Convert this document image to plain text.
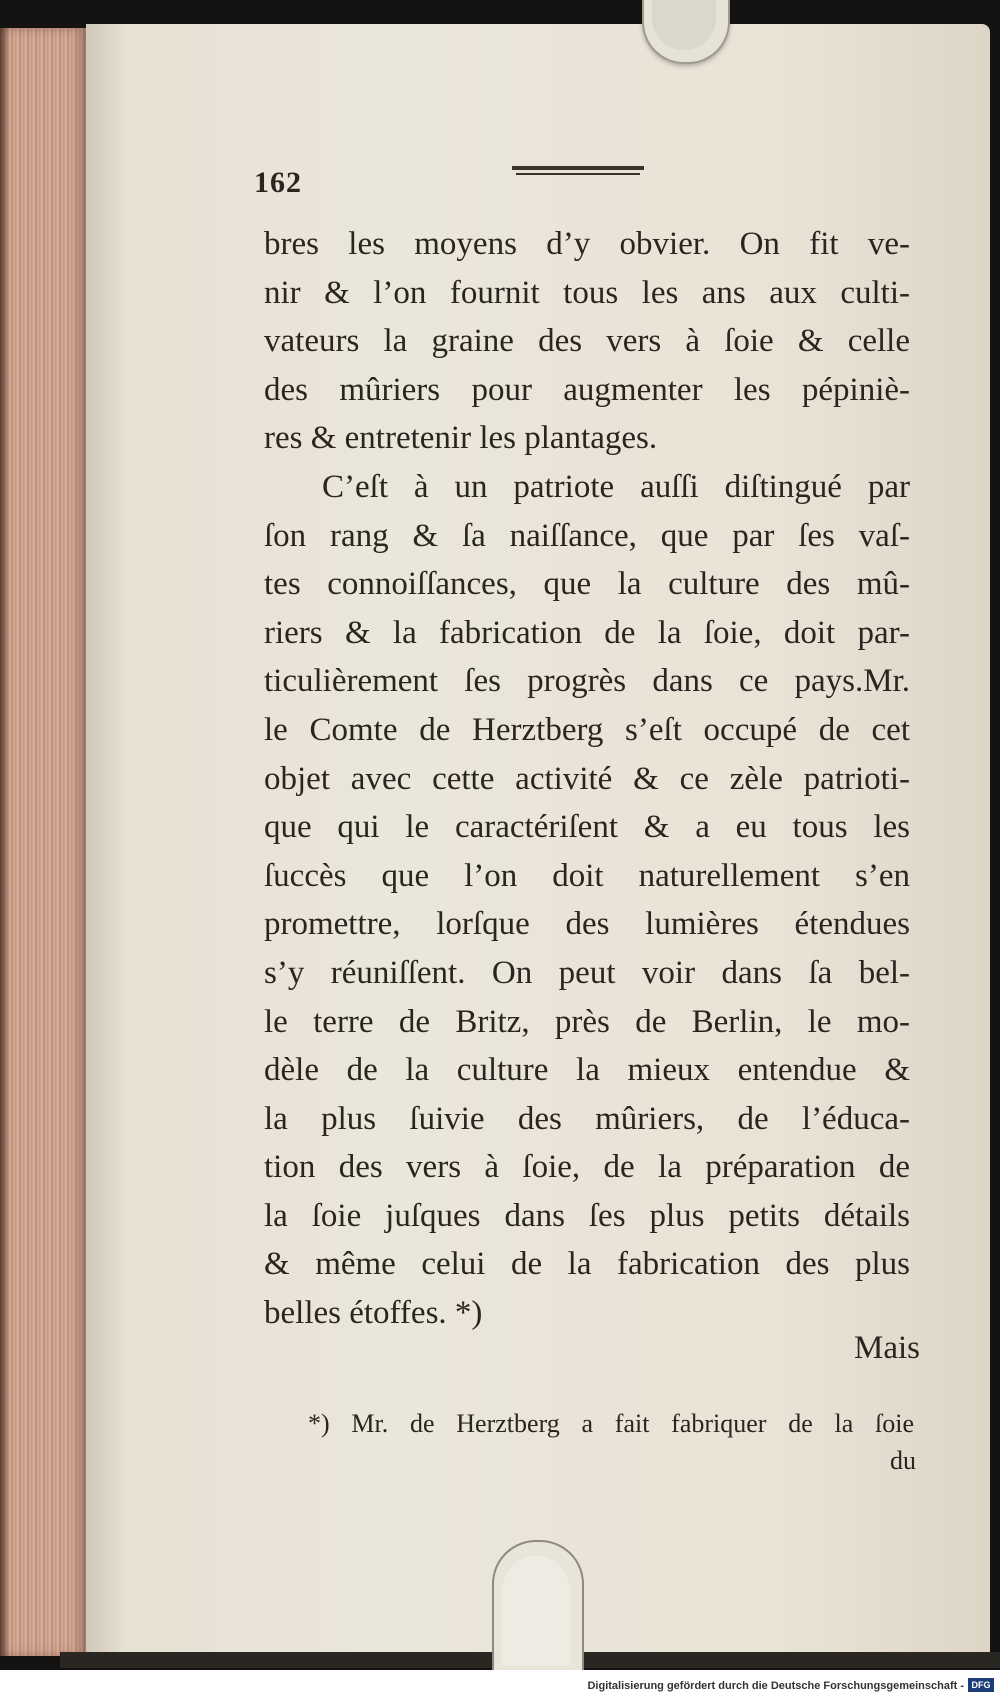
162
bres les moyens d’y obvier. On fit ve-
nir & l’on fournit tous les ans aux culti-
vateurs la graine des vers à ſoie & celle
des mûriers pour augmenter les pépiniè-
res & entretenir les plantages.
C’eſt à un patriote auſſi diſtingué par
ſon rang & ſa naiſſance, que par ſes vaſ-
tes connoiſſances, que la culture des mû-
riers & la fabrication de la ſoie, doit par-
ticulièrement ſes progrès dans ce pays.Mr.
le Comte de Herztberg s’eſt occupé de cet
objet avec cette activité & ce zèle patrioti-
que qui le caractériſent & a eu tous les
ſuccès que l’on doit naturellement s’en
promettre, lorſque des lumières étendues
s’y réuniſſent. On peut voir dans ſa bel-
le terre de Britz, près de Berlin, le mo-
dèle de la culture la mieux entendue &
la plus ſuivie des mûriers, de l’éduca-
tion des vers à ſoie, de la préparation de
la ſoie juſques dans ſes plus petits détails
& même celui de la fabrication des plus
belles étoffes. *)
Mais
*) Mr. de Herztberg a fait fabriquer de la ſoie
du
Digitalisierung gefördert durch die Deutsche Forschungsgemeinschaft - DFG
